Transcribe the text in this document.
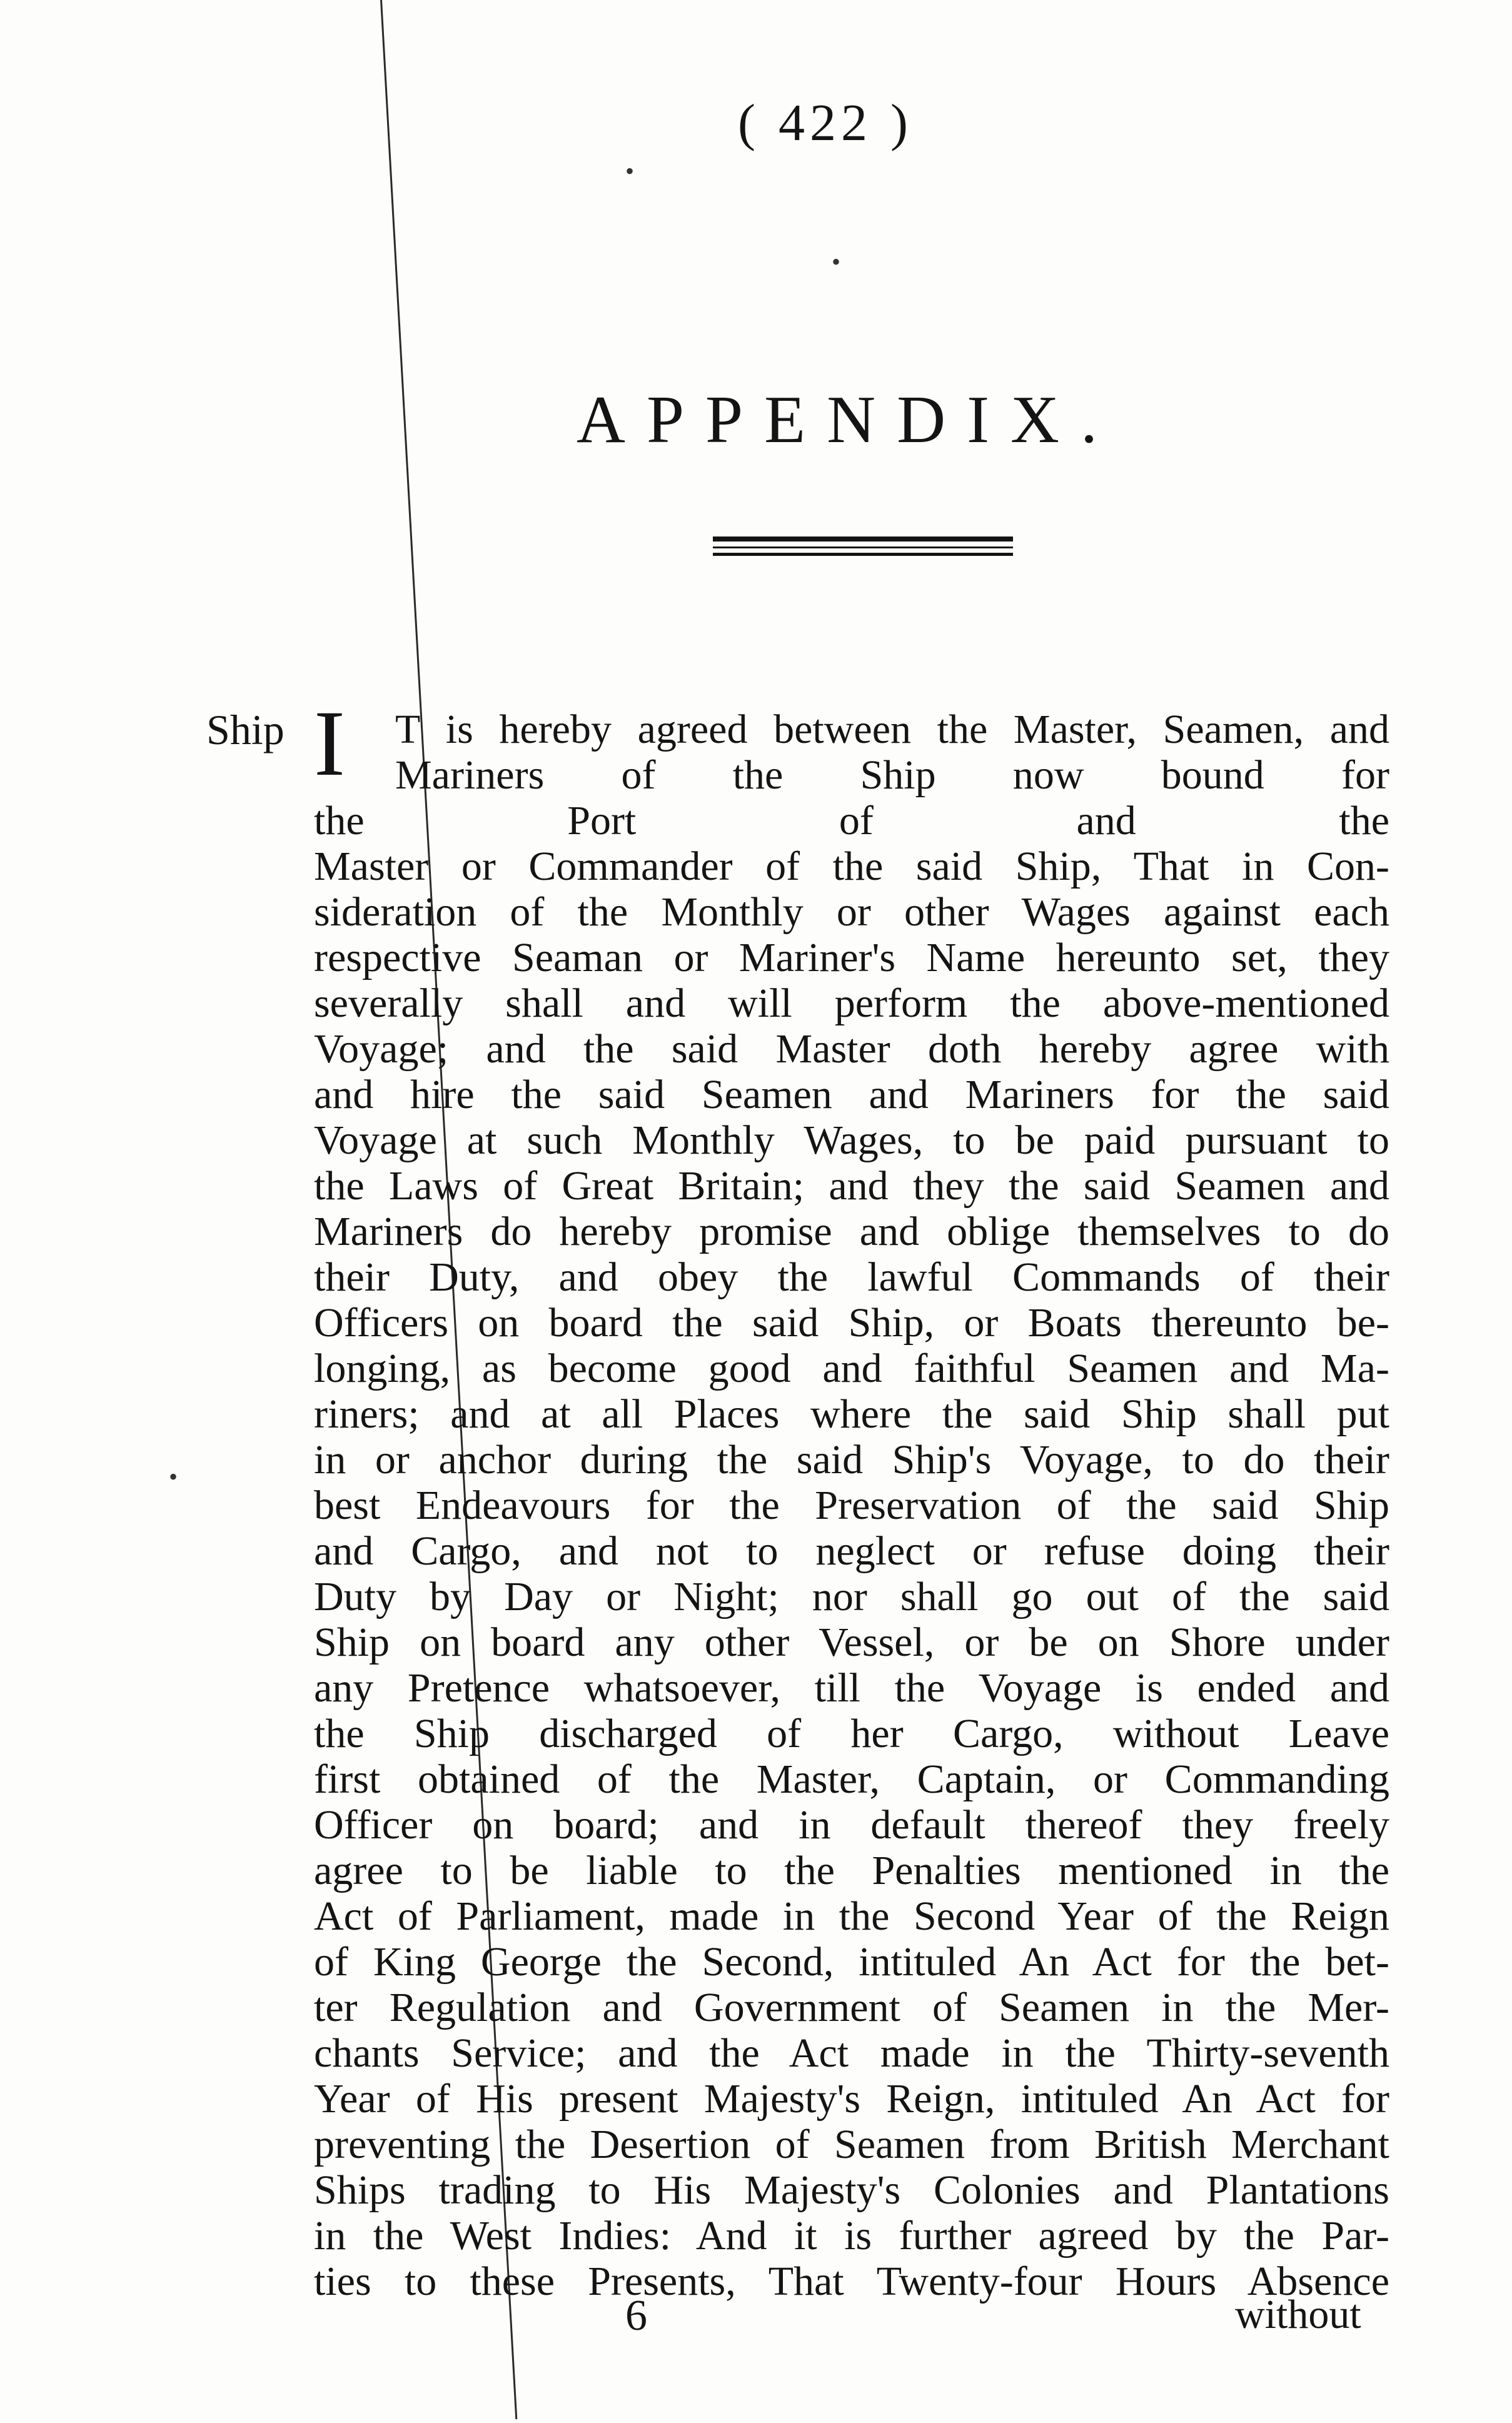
•
•
•
( 422 )
APPENDIX.
Ship I	T is hereby agreed between the Master, Seamen, and
Mariners of the Ship now bound for
the Port of and the
Master or Commander of the said Ship, That in Con-
sideration of the Monthly or other Wages against each
respective Seaman or Mariner's Name hereunto set, they
severally shall and will perform the above-mentioned
Voyage; and the said Master doth hereby agree with
and hire the said Seamen and Mariners for the said
Voyage at such Monthly Wages, to be paid pursuant to
the Laws of Great Britain; and they the said Seamen and
Mariners do hereby promise and oblige themselves to do
their Duty, and obey the lawful Commands of their
Officers on board the said Ship, or Boats thereunto be-
longing, as become good and faithful Seamen and Ma-
riners; and at all Places where the said Ship shall put
in or anchor during the said Ship's Voyage, to do their
best Endeavours for the Preservation of the said Ship
and Cargo, and not to neglect or refuse doing their
Duty by Day or Night; nor shall go out of the said
Ship on board any other Vessel, or be on Shore under
any Pretence whatsoever, till the Voyage is ended and
the Ship discharged of her Cargo, without Leave
first obtained of the Master, Captain, or Commanding
Officer on board; and in default thereof they freely
agree to be liable to the Penalties mentioned in the
Act of Parliament, made in the Second Year of the Reign
of King George the Second, intituled An Act for the bet-
ter Regulation and Government of Seamen in the Mer-
chants Service; and the Act made in the Thirty-seventh
Year of His present Majesty's Reign, intituled An Act for
preventing the Desertion of Seamen from British Merchant
Ships trading to His Majesty's Colonies and Plantations
in the West Indies: And it is further agreed by the Par-
ties to these Presents, That Twenty-four Hours Absence
6	without
